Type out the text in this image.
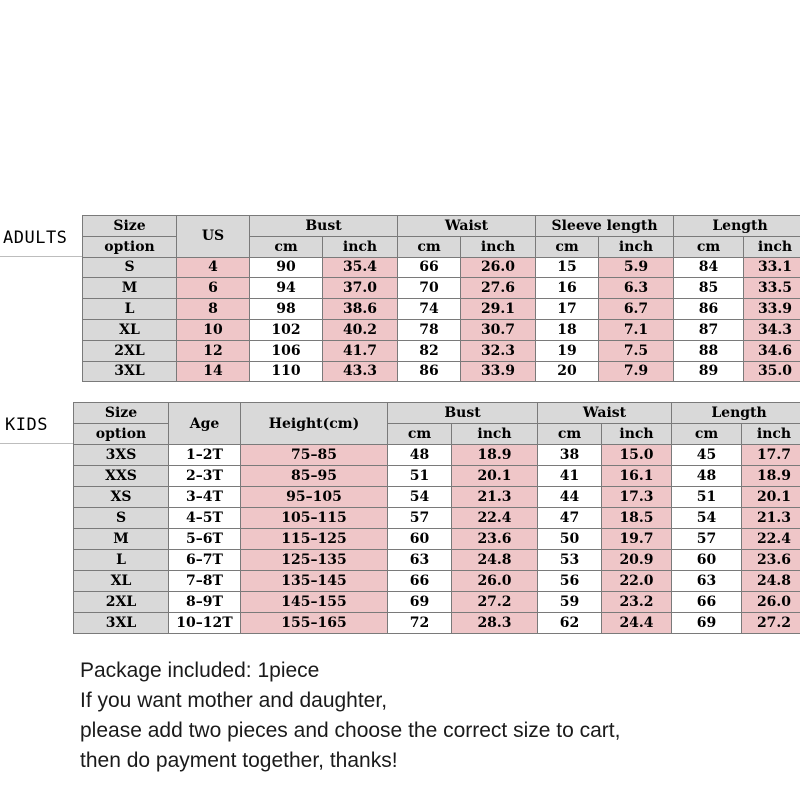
ADULTS
Size	US	Bust		Waist		Sleeve length		Length	
option		cm	inch	cm	inch	cm	inch	cm	inch
S	4	90	35.4	66	26.0	15	5.9	84	33.1
M	6	94	37.0	70	27.6	16	6.3	85	33.5
L	8	98	38.6	74	29.1	17	6.7	86	33.9
XL	10	102	40.2	78	30.7	18	7.1	87	34.3
2XL	12	106	41.7	82	32.3	19	7.5	88	34.6
3XL	14	110	43.3	86	33.9	20	7.9	89	35.0
KIDS
Size	Age	Height(cm)	Bust		Waist		Length	
option			cm	inch	cm	inch	cm	inch
3XS	1–2T	75–85	48	18.9	38	15.0	45	17.7
XXS	2–3T	85–95	51	20.1	41	16.1	48	18.9
XS	3–4T	95–105	54	21.3	44	17.3	51	20.1
S	4–5T	105–115	57	22.4	47	18.5	54	21.3
M	5–6T	115–125	60	23.6	50	19.7	57	22.4
L	6–7T	125–135	63	24.8	53	20.9	60	23.6
XL	7–8T	135–145	66	26.0	56	22.0	63	24.8
2XL	8–9T	145–155	69	27.2	59	23.2	66	26.0
3XL	10–12T	155–165	72	28.3	62	24.4	69	27.2
Package included: 1piece
If you want mother and daughter,
please add two pieces and choose the correct size to cart,
then do payment together, thanks!
